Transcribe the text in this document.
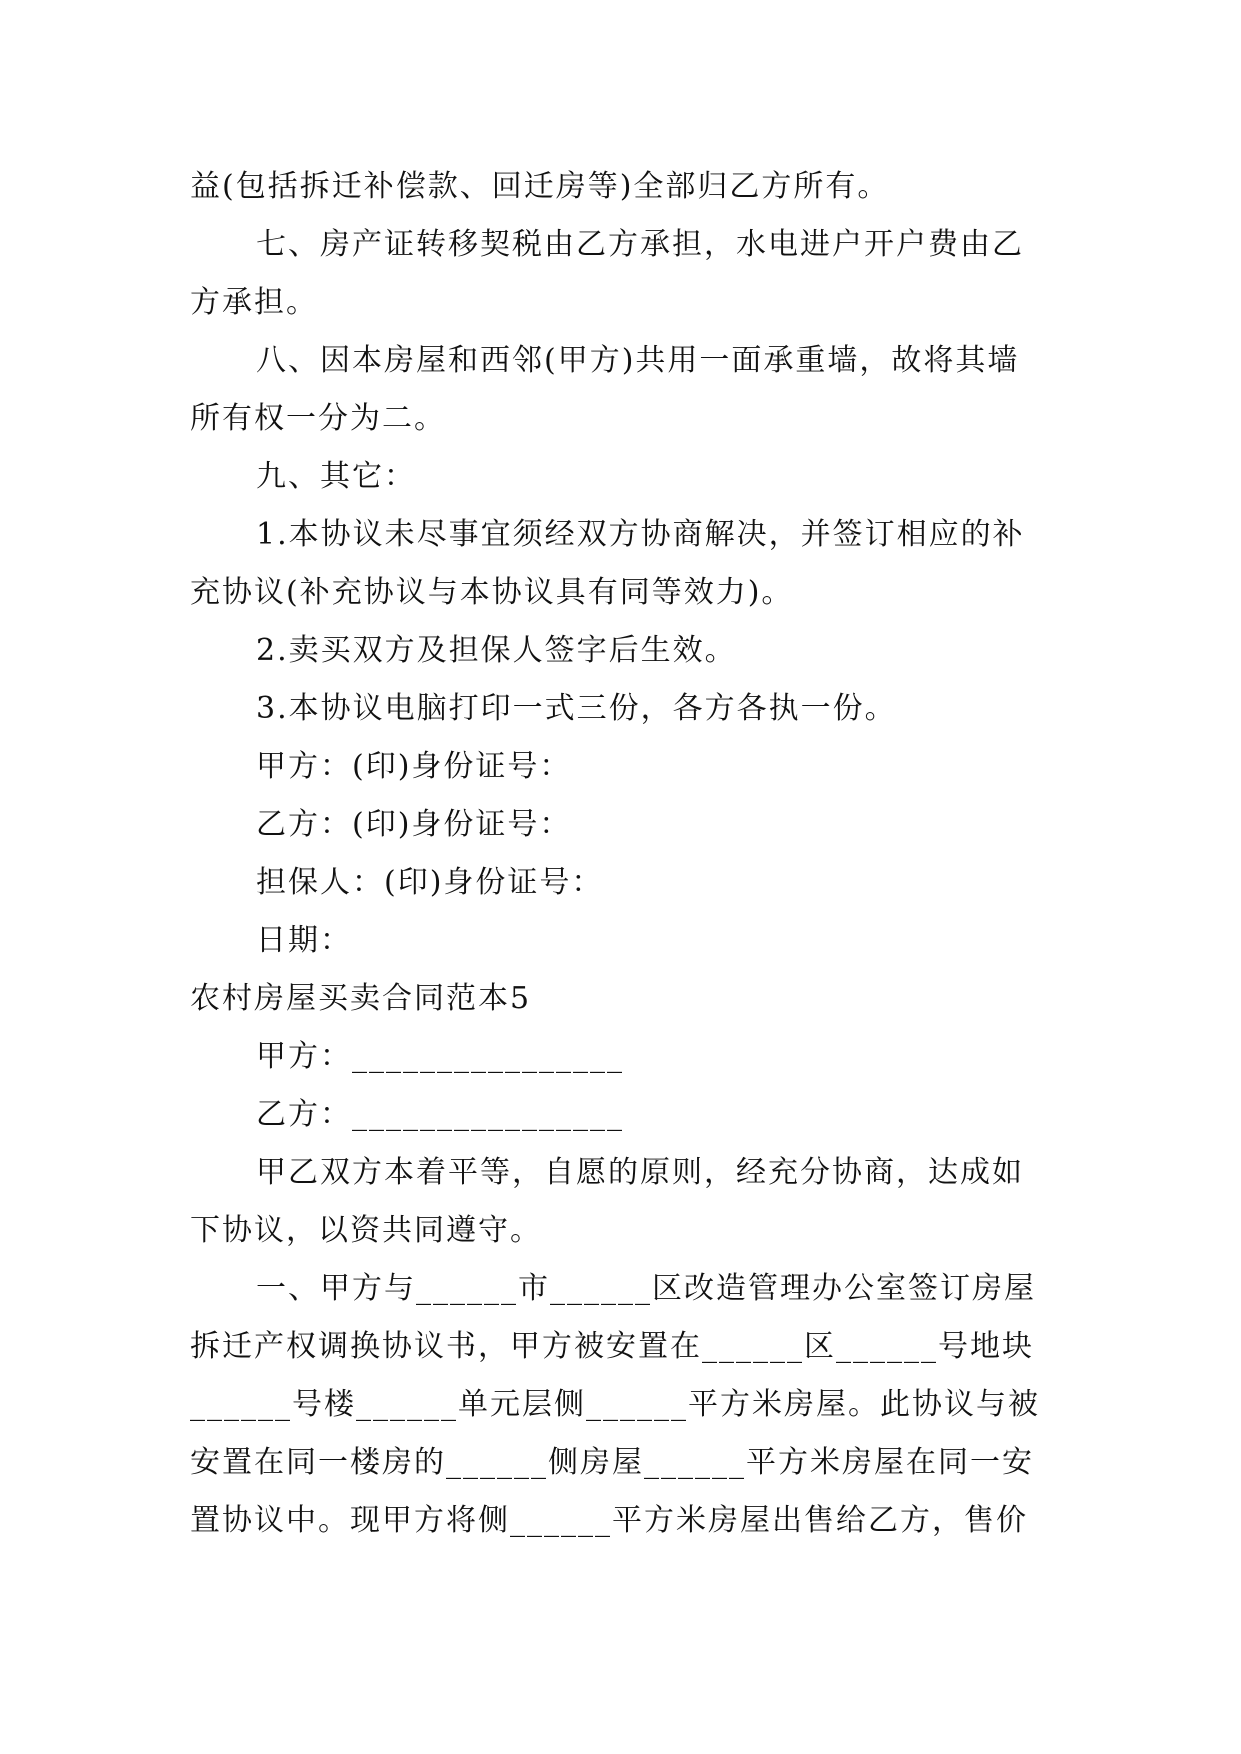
益(包括拆迁补偿款、回迁房等)全部归乙方所有。
七、房产证转移契税由乙方承担，水电进户开户费由乙
方承担。
八、因本房屋和西邻(甲方)共用一面承重墙，故将其墙
所有权一分为二。
九、其它：
1.本协议未尽事宜须经双方协商解决，并签订相应的补
充协议(补充协议与本协议具有同等效力)。
2.卖买双方及担保人签字后生效。
3.本协议电脑打印一式三份，各方各执一份。
甲方：(印)身份证号：
乙方：(印)身份证号：
担保人：(印)身份证号：
日期：
农村房屋买卖合同范本5
甲方：________________
乙方：________________
甲乙双方本着平等，自愿的原则，经充分协商，达成如
下协议，以资共同遵守。
一、甲方与______市______区改造管理办公室签订房屋
拆迁产权调换协议书，甲方被安置在______区______号地块
______号楼______单元层侧______平方米房屋。此协议与被
安置在同一楼房的______侧房屋______平方米房屋在同一安
置协议中。现甲方将侧______平方米房屋出售给乙方，售价
